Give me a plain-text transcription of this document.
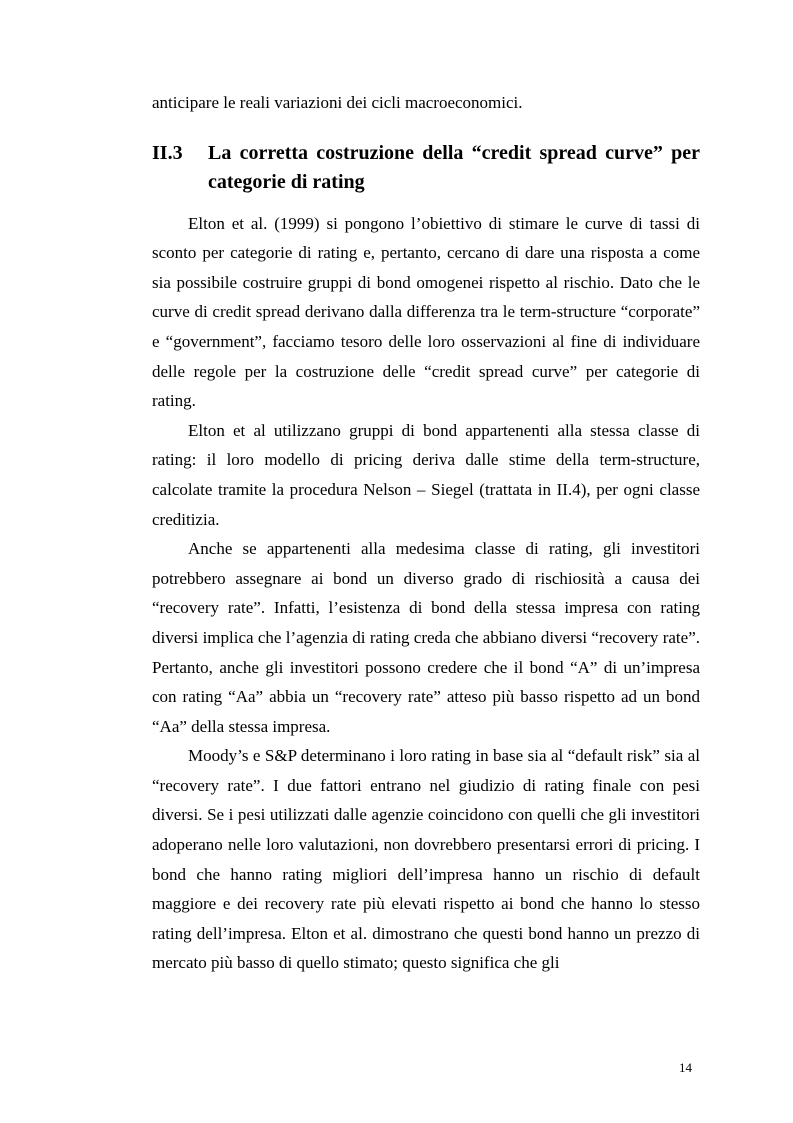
anticipare le reali variazioni dei cicli macroeconomici.

II.3	La corretta costruzione della “credit spread curve” per categorie di rating

Elton et al. (1999) si pongono l’obiettivo di stimare le curve di tassi di sconto per categorie di rating e, pertanto, cercano di dare una risposta a come sia possibile costruire gruppi di bond omogenei rispetto al rischio. Dato che le curve di credit spread derivano dalla differenza tra le term-structure “corporate” e “government”, facciamo tesoro delle loro osservazioni al fine di individuare delle regole per la costruzione delle “credit spread curve” per categorie di rating.

Elton et al utilizzano gruppi di bond appartenenti alla stessa classe di rating: il loro modello di pricing deriva dalle stime della term-structure, calcolate tramite la procedura Nelson – Siegel (trattata in II.4), per ogni classe creditizia.

Anche se appartenenti alla medesima classe di rating, gli investitori potrebbero assegnare ai bond un diverso grado di rischiosità a causa dei “recovery rate”. Infatti, l’esistenza di bond della stessa impresa con rating diversi implica che l’agenzia di rating creda che abbiano diversi “recovery rate”. Pertanto, anche gli investitori possono credere che il bond “A” di un’impresa con rating “Aa” abbia un “recovery rate” atteso più basso rispetto ad un bond “Aa” della stessa impresa.

Moody’s e S&P determinano i loro rating in base sia al “default risk” sia al “recovery rate”. I due fattori entrano nel giudizio di rating finale con pesi diversi. Se i pesi utilizzati dalle agenzie coincidono con quelli che gli investitori adoperano nelle loro valutazioni, non dovrebbero presentarsi errori di pricing. I bond che hanno rating migliori dell’impresa hanno un rischio di default maggiore e dei recovery rate più elevati rispetto ai bond che hanno lo stesso rating dell’impresa. Elton et al. dimostrano che questi bond hanno un prezzo di mercato più basso di quello stimato; questo significa che gli

14
